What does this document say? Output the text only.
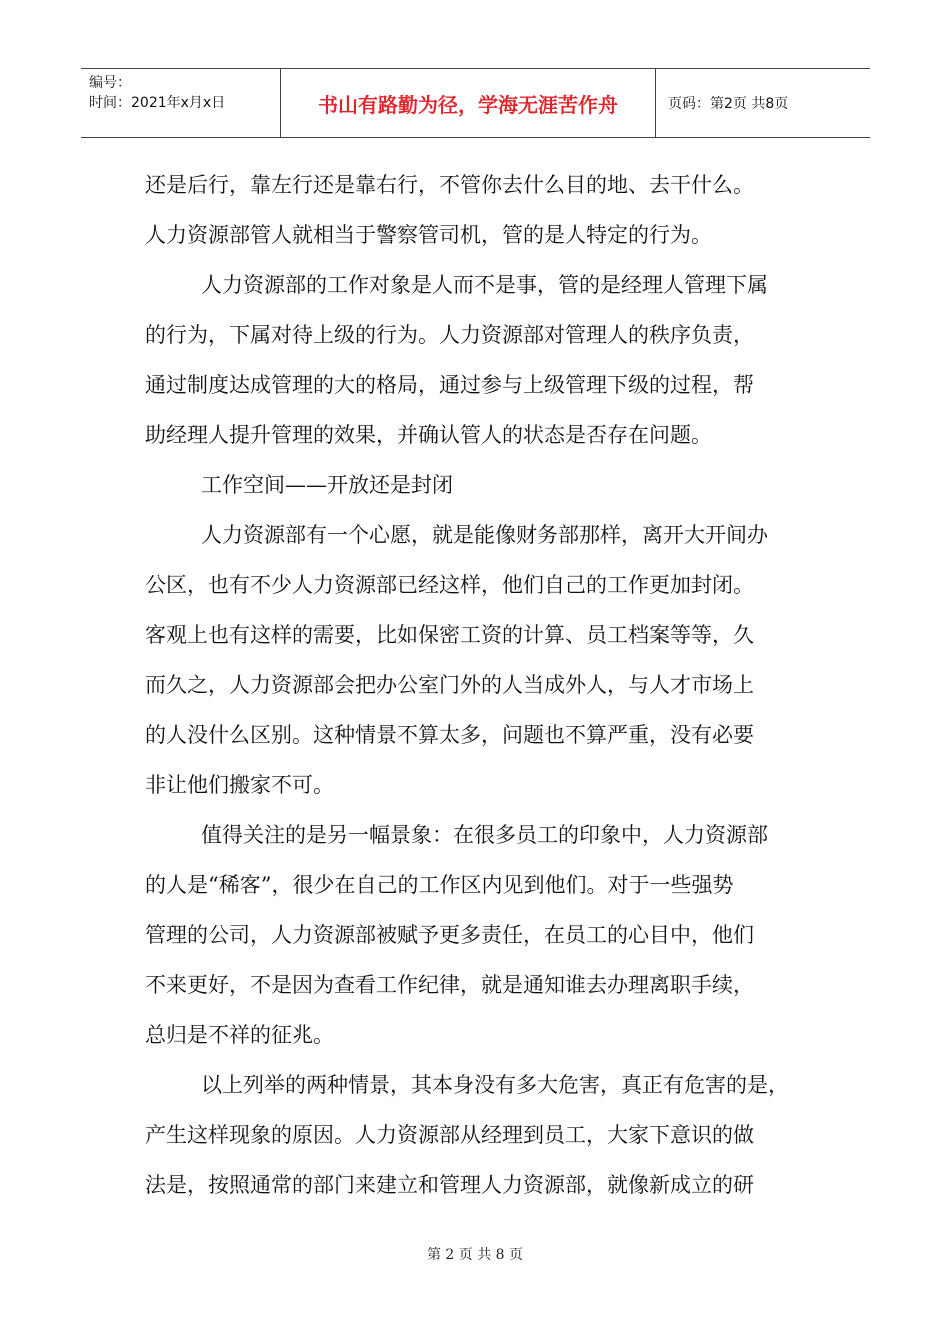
编号：
时间：2021年x月x日	书山有路勤为径，学海无涯苦作舟	页码：第2页 共8页
还是后行，靠左行还是靠右行，不管你去什么目的地、去干什么。
人力资源部管人就相当于警察管司机，管的是人特定的行为。
人力资源部的工作对象是人而不是事，管的是经理人管理下属
的行为，下属对待上级的行为。人力资源部对管理人的秩序负责，
通过制度达成管理的大的格局，通过参与上级管理下级的过程，帮
助经理人提升管理的效果，并确认管人的状态是否存在问题。
工作空间——开放还是封闭
人力资源部有一个心愿，就是能像财务部那样，离开大开间办
公区，也有不少人力资源部已经这样，他们自己的工作更加封闭。
客观上也有这样的需要，比如保密工资的计算、员工档案等等，久
而久之，人力资源部会把办公室门外的人当成外人，与人才市场上
的人没什么区别。这种情景不算太多，问题也不算严重，没有必要
非让他们搬家不可。
值得关注的是另一幅景象：在很多员工的印象中，人力资源部
的人是“稀客”，很少在自己的工作区内见到他们。对于一些强势
管理的公司，人力资源部被赋予更多责任，在员工的心目中，他们
不来更好，不是因为查看工作纪律，就是通知谁去办理离职手续，
总归是不祥的征兆。
以上列举的两种情景，其本身没有多大危害，真正有危害的是，
产生这样现象的原因。人力资源部从经理到员工，大家下意识的做
法是，按照通常的部门来建立和管理人力资源部，就像新成立的研
第 2 页 共 8 页
